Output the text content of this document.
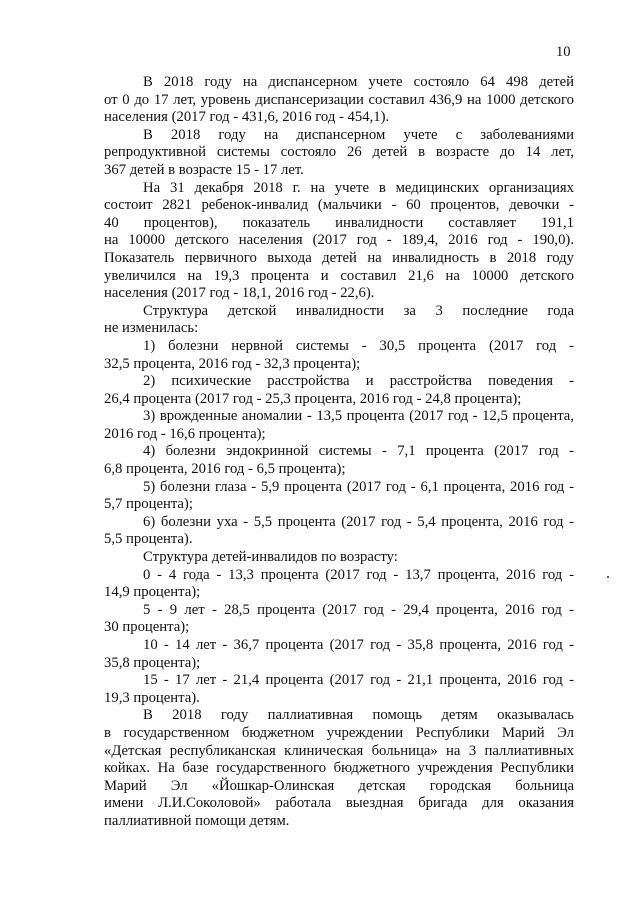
10
В 2018 году на диспансерном учете состояло 64 498 детей
от 0 до 17 лет, уровень диспансеризации составил 436,9 на 1000 детского
населения (2017 год - 431,6, 2016 год - 454,1).
В 2018 году на диспансерном учете с заболеваниями
репродуктивной системы состояло 26 детей в возрасте до 14 лет,
367 детей в возрасте 15 - 17 лет.
На 31 декабря 2018 г. на учете в медицинских организациях
состоит 2821 ребенок-инвалид (мальчики - 60 процентов, девочки -
40 процентов), показатель инвалидности составляет 191,1
на 10000 детского населения (2017 год - 189,4, 2016 год - 190,0).
Показатель первичного выхода детей на инвалидность в 2018 году
увеличился на 19,3 процента и составил 21,6 на 10000 детского
населения (2017 год - 18,1, 2016 год - 22,6).
Структура детской инвалидности за 3 последние года
не изменилась:
1) болезни нервной системы - 30,5 процента (2017 год -
32,5 процента, 2016 год - 32,3 процента);
2) психические расстройства и расстройства поведения -
26,4 процента (2017 год - 25,3 процента, 2016 год - 24,8 процента);
3) врожденные аномалии - 13,5 процента (2017 год - 12,5 процента,
2016 год - 16,6 процента);
4) болезни эндокринной системы - 7,1 процента (2017 год -
6,8 процента, 2016 год - 6,5 процента);
5) болезни глаза - 5,9 процента (2017 год - 6,1 процента, 2016 год -
5,7 процента);
6) болезни уха - 5,5 процента (2017 год - 5,4 процента, 2016 год -
5,5 процента).
Структура детей-инвалидов по возрасту:
0 - 4 года - 13,3 процента (2017 год - 13,7 процента, 2016 год -
14,9 процента);
5 - 9 лет - 28,5 процента (2017 год - 29,4 процента, 2016 год -
30 процента);
10 - 14 лет - 36,7 процента (2017 год - 35,8 процента, 2016 год -
35,8 процента);
15 - 17 лет - 21,4 процента (2017 год - 21,1 процента, 2016 год -
19,3 процента).
В 2018 году паллиативная помощь детям оказывалась
в государственном бюджетном учреждении Республики Марий Эл
«Детская республиканская клиническая больница» на 3 паллиативных
койках. На базе государственного бюджетного учреждения Республики
Марий Эл «Йошкар-Олинская детская городская больница
имени Л.И.Соколовой» работала выездная бригада для оказания
паллиативной помощи детям.
